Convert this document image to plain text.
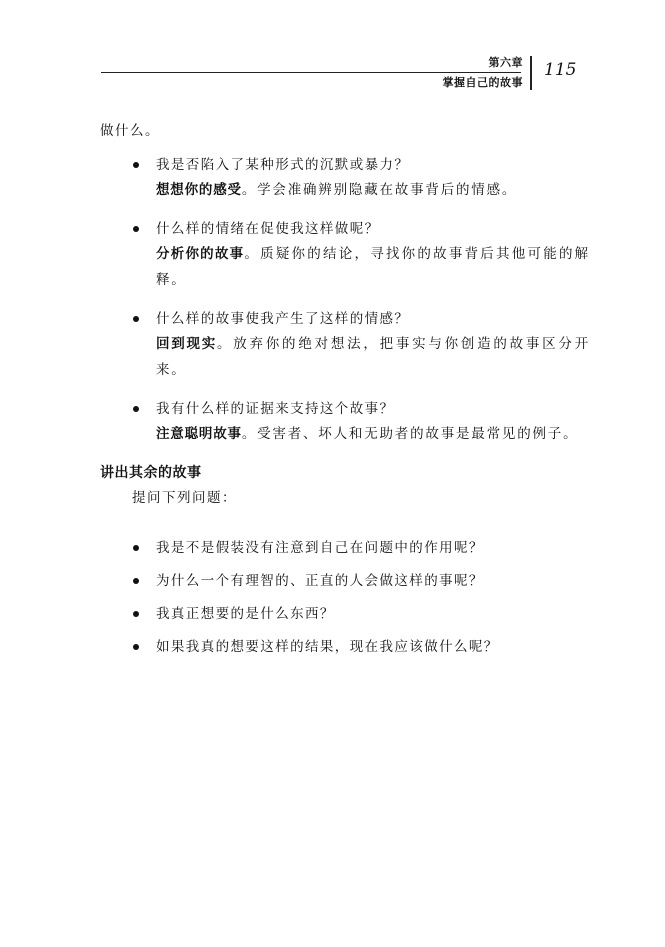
第六章
掌握自己的故事
115
做什么。
我是否陷入了某种形式的沉默或暴力？
想想你的感受。学会准确辨别隐藏在故事背后的情感。
什么样的情绪在促使我这样做呢？
分析你的故事。质疑你的结论，寻找你的故事背后其他可能的解释。
什么样的故事使我产生了这样的情感？
回到现实。放弃你的绝对想法，把事实与你创造的故事区分开来。
我有什么样的证据来支持这个故事？
注意聪明故事。受害者、坏人和无助者的故事是最常见的例子。
讲出其余的故事
提问下列问题：
我是不是假装没有注意到自己在问题中的作用呢？
为什么一个有理智的、正直的人会做这样的事呢？
我真正想要的是什么东西？
如果我真的想要这样的结果，现在我应该做什么呢？
